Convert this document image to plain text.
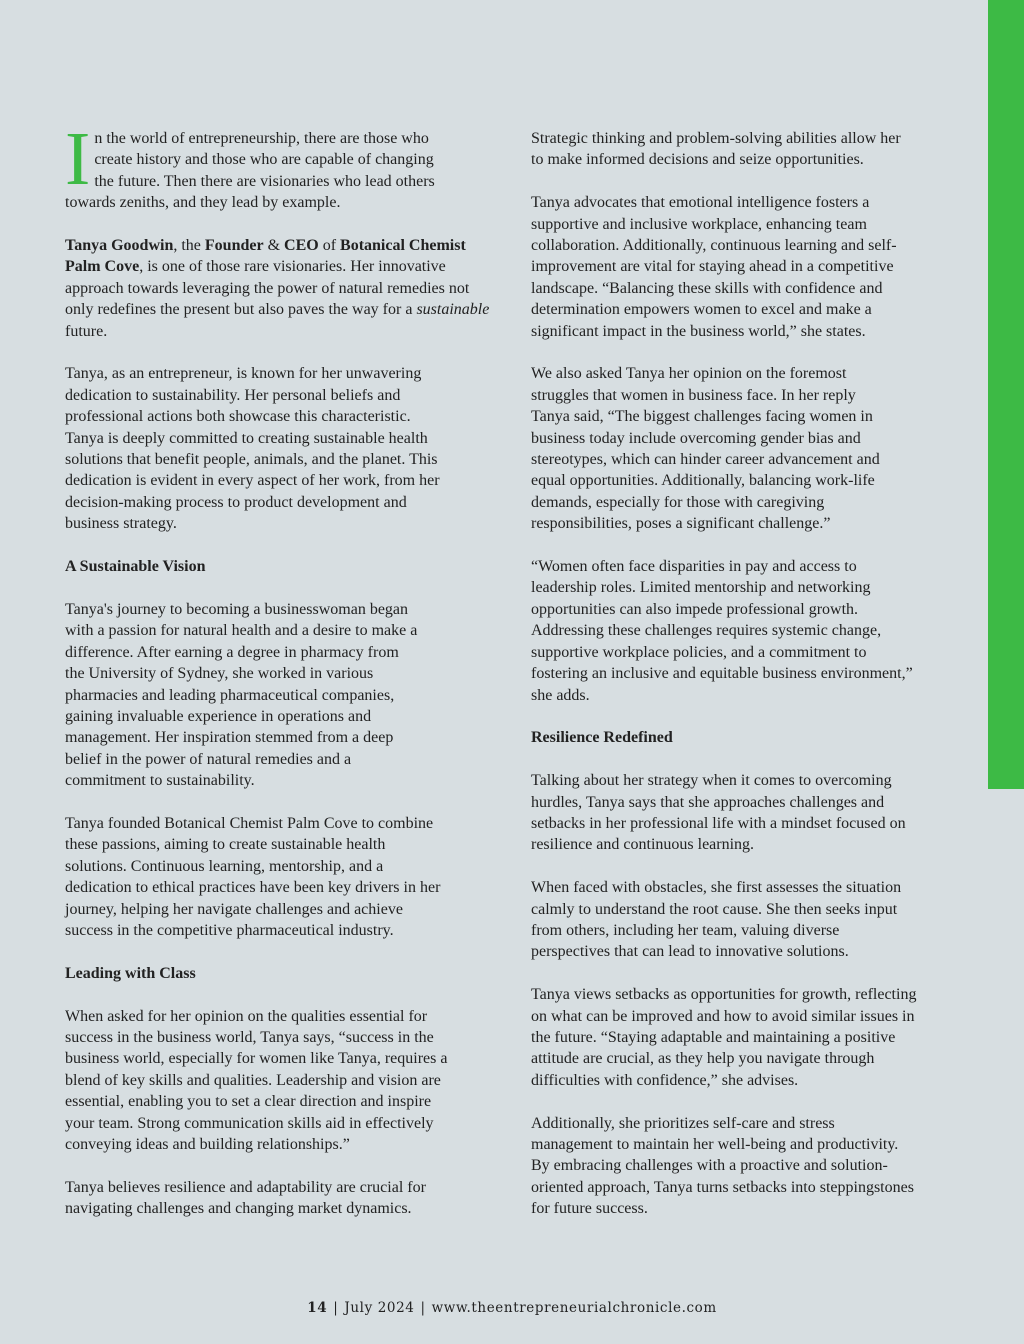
In the world of entrepreneurship, there are those who
create history and those who are capable of changing
the future. Then there are visionaries who lead others
towards zeniths, and they lead by example.
Tanya Goodwin, the Founder & CEO of Botanical Chemist Palm Cove, is one of those rare visionaries. Her innovative approach towards leveraging the power of natural remedies not only redefines the present but also paves the way for a sustainable future.
Tanya, as an entrepreneur, is known for her unwavering
dedication to sustainability. Her personal beliefs and
professional actions both showcase this characteristic.
Tanya is deeply committed to creating sustainable health
solutions that benefit people, animals, and the planet. This
dedication is evident in every aspect of her work, from her
decision-making process to product development and
business strategy.
A Sustainable Vision
Tanya's journey to becoming a businesswoman began
with a passion for natural health and a desire to make a
difference. After earning a degree in pharmacy from
the University of Sydney, she worked in various
pharmacies and leading pharmaceutical companies,
gaining invaluable experience in operations and
management. Her inspiration stemmed from a deep
belief in the power of natural remedies and a
commitment to sustainability.
Tanya founded Botanical Chemist Palm Cove to combine
these passions, aiming to create sustainable health
solutions. Continuous learning, mentorship, and a
dedication to ethical practices have been key drivers in her
journey, helping her navigate challenges and achieve
success in the competitive pharmaceutical industry.
Leading with Class
When asked for her opinion on the qualities essential for
success in the business world, Tanya says, “success in the
business world, especially for women like Tanya, requires a
blend of key skills and qualities. Leadership and vision are
essential, enabling you to set a clear direction and inspire
your team. Strong communication skills aid in effectively
conveying ideas and building relationships.”
Tanya believes resilience and adaptability are crucial for
navigating challenges and changing market dynamics.
Strategic thinking and problem-solving abilities allow her
to make informed decisions and seize opportunities.
Tanya advocates that emotional intelligence fosters a
supportive and inclusive workplace, enhancing team
collaboration. Additionally, continuous learning and self-
improvement are vital for staying ahead in a competitive
landscape. “Balancing these skills with confidence and
determination empowers women to excel and make a
significant impact in the business world,” she states.
We also asked Tanya her opinion on the foremost
struggles that women in business face. In her reply
Tanya said, “The biggest challenges facing women in
business today include overcoming gender bias and
stereotypes, which can hinder career advancement and
equal opportunities. Additionally, balancing work-life
demands, especially for those with caregiving
responsibilities, poses a significant challenge.”
“Women often face disparities in pay and access to
leadership roles. Limited mentorship and networking
opportunities can also impede professional growth.
Addressing these challenges requires systemic change,
supportive workplace policies, and a commitment to
fostering an inclusive and equitable business environment,”
she adds.
Resilience Redefined
Talking about her strategy when it comes to overcoming
hurdles, Tanya says that she approaches challenges and
setbacks in her professional life with a mindset focused on
resilience and continuous learning.
When faced with obstacles, she first assesses the situation
calmly to understand the root cause. She then seeks input
from others, including her team, valuing diverse
perspectives that can lead to innovative solutions.
Tanya views setbacks as opportunities for growth, reflecting
on what can be improved and how to avoid similar issues in
the future. “Staying adaptable and maintaining a positive
attitude are crucial, as they help you navigate through
difficulties with confidence,” she advises.
Additionally, she prioritizes self-care and stress
management to maintain her well-being and productivity.
By embracing challenges with a proactive and solution-
oriented approach, Tanya turns setbacks into steppingstones
for future success.
14 | July 2024 | www.theentrepreneurialchronicle.com
